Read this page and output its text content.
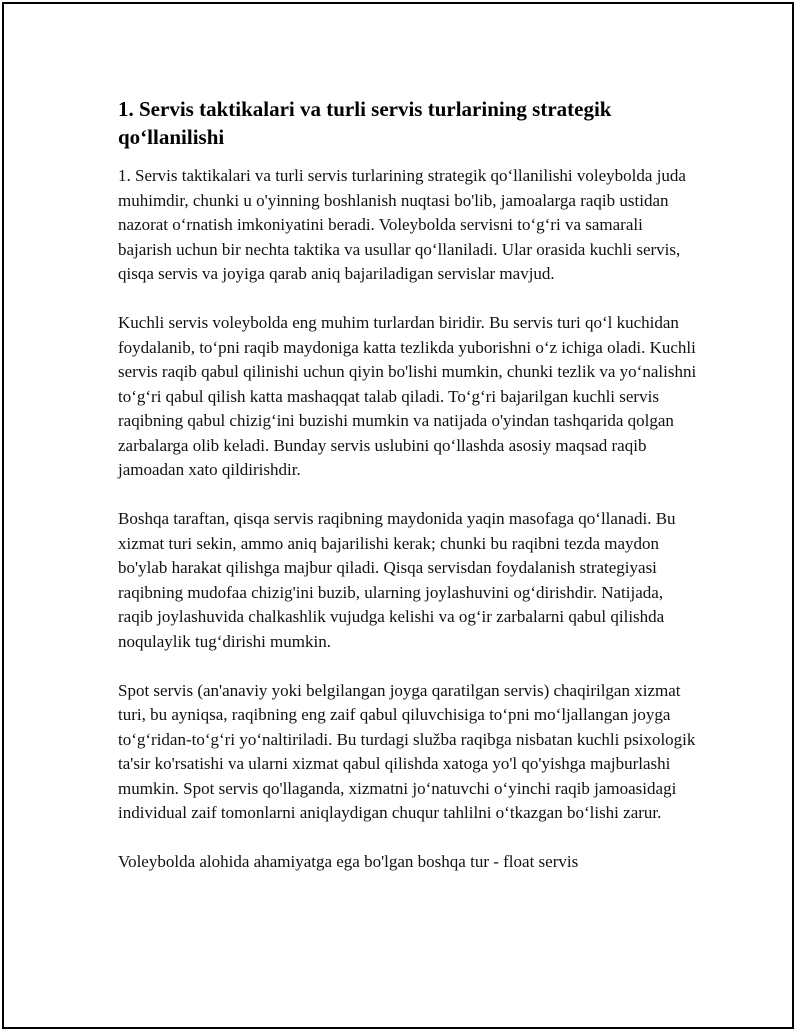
1. Servis taktikalari va turli servis turlarining strategik qo‘llanilishi

1. Servis taktikalari va turli servis turlarining strategik qo‘llanilishi voleybolda juda muhimdir, chunki u o'yinning boshlanish nuqtasi bo'lib, jamoalarga raqib ustidan nazorat o‘rnatish imkoniyatini beradi. Voleybolda servisni to‘g‘ri va samarali bajarish uchun bir nechta taktika va usullar qo‘llaniladi. Ular orasida kuchli servis, qisqa servis va joyiga qarab aniq bajariladigan servislar mavjud.

Kuchli servis voleybolda eng muhim turlardan biridir. Bu servis turi qo‘l kuchidan foydalanib, to‘pni raqib maydoniga katta tezlikda yuborishni o‘z ichiga oladi. Kuchli servis raqib qabul qilinishi uchun qiyin bo'lishi mumkin, chunki tezlik va yo‘nalishni to‘g‘ri qabul qilish katta mashaqqat talab qiladi. To‘g‘ri bajarilgan kuchli servis raqibning qabul chizig‘ini buzishi mumkin va natijada o'yindan tashqarida qolgan zarbalarga olib keladi. Bunday servis uslubini qo‘llashda asosiy maqsad raqib jamoadan xato qildirishdir.

Boshqa taraftan, qisqa servis raqibning maydonida yaqin masofaga qo‘llanadi. Bu xizmat turi sekin, ammo aniq bajarilishi kerak; chunki bu raqibni tezda maydon bo'ylab harakat qilishga majbur qiladi. Qisqa servisdan foydalanish strategiyasi raqibning mudofaa chizig'ini buzib, ularning joylashuvini og‘dirishdir. Natijada, raqib joylashuvida chalkashlik vujudga kelishi va og‘ir zarbalarni qabul qilishda noqulaylik tug‘dirishi mumkin.

Spot servis (an'anaviy yoki belgilangan joyga qaratilgan servis) chaqirilgan xizmat turi, bu ayniqsa, raqibning eng zaif qabul qiluvchisiga to‘pni mo‘ljallangan joyga to‘g‘ridan-to‘g‘ri yo‘naltiriladi. Bu turdagi služba raqibga nisbatan kuchli psixologik ta'sir ko'rsatishi va ularni xizmat qabul qilishda xatoga yo'l qo'yishga majburlashi mumkin. Spot servis qo'llaganda, xizmatni jo‘natuvchi o‘yinchi raqib jamoasidagi individual zaif tomonlarni aniqlaydigan chuqur tahlilni o‘tkazgan bo‘lishi zarur.

Voleybolda alohida ahamiyatga ega bo'lgan boshqa tur - float servis
